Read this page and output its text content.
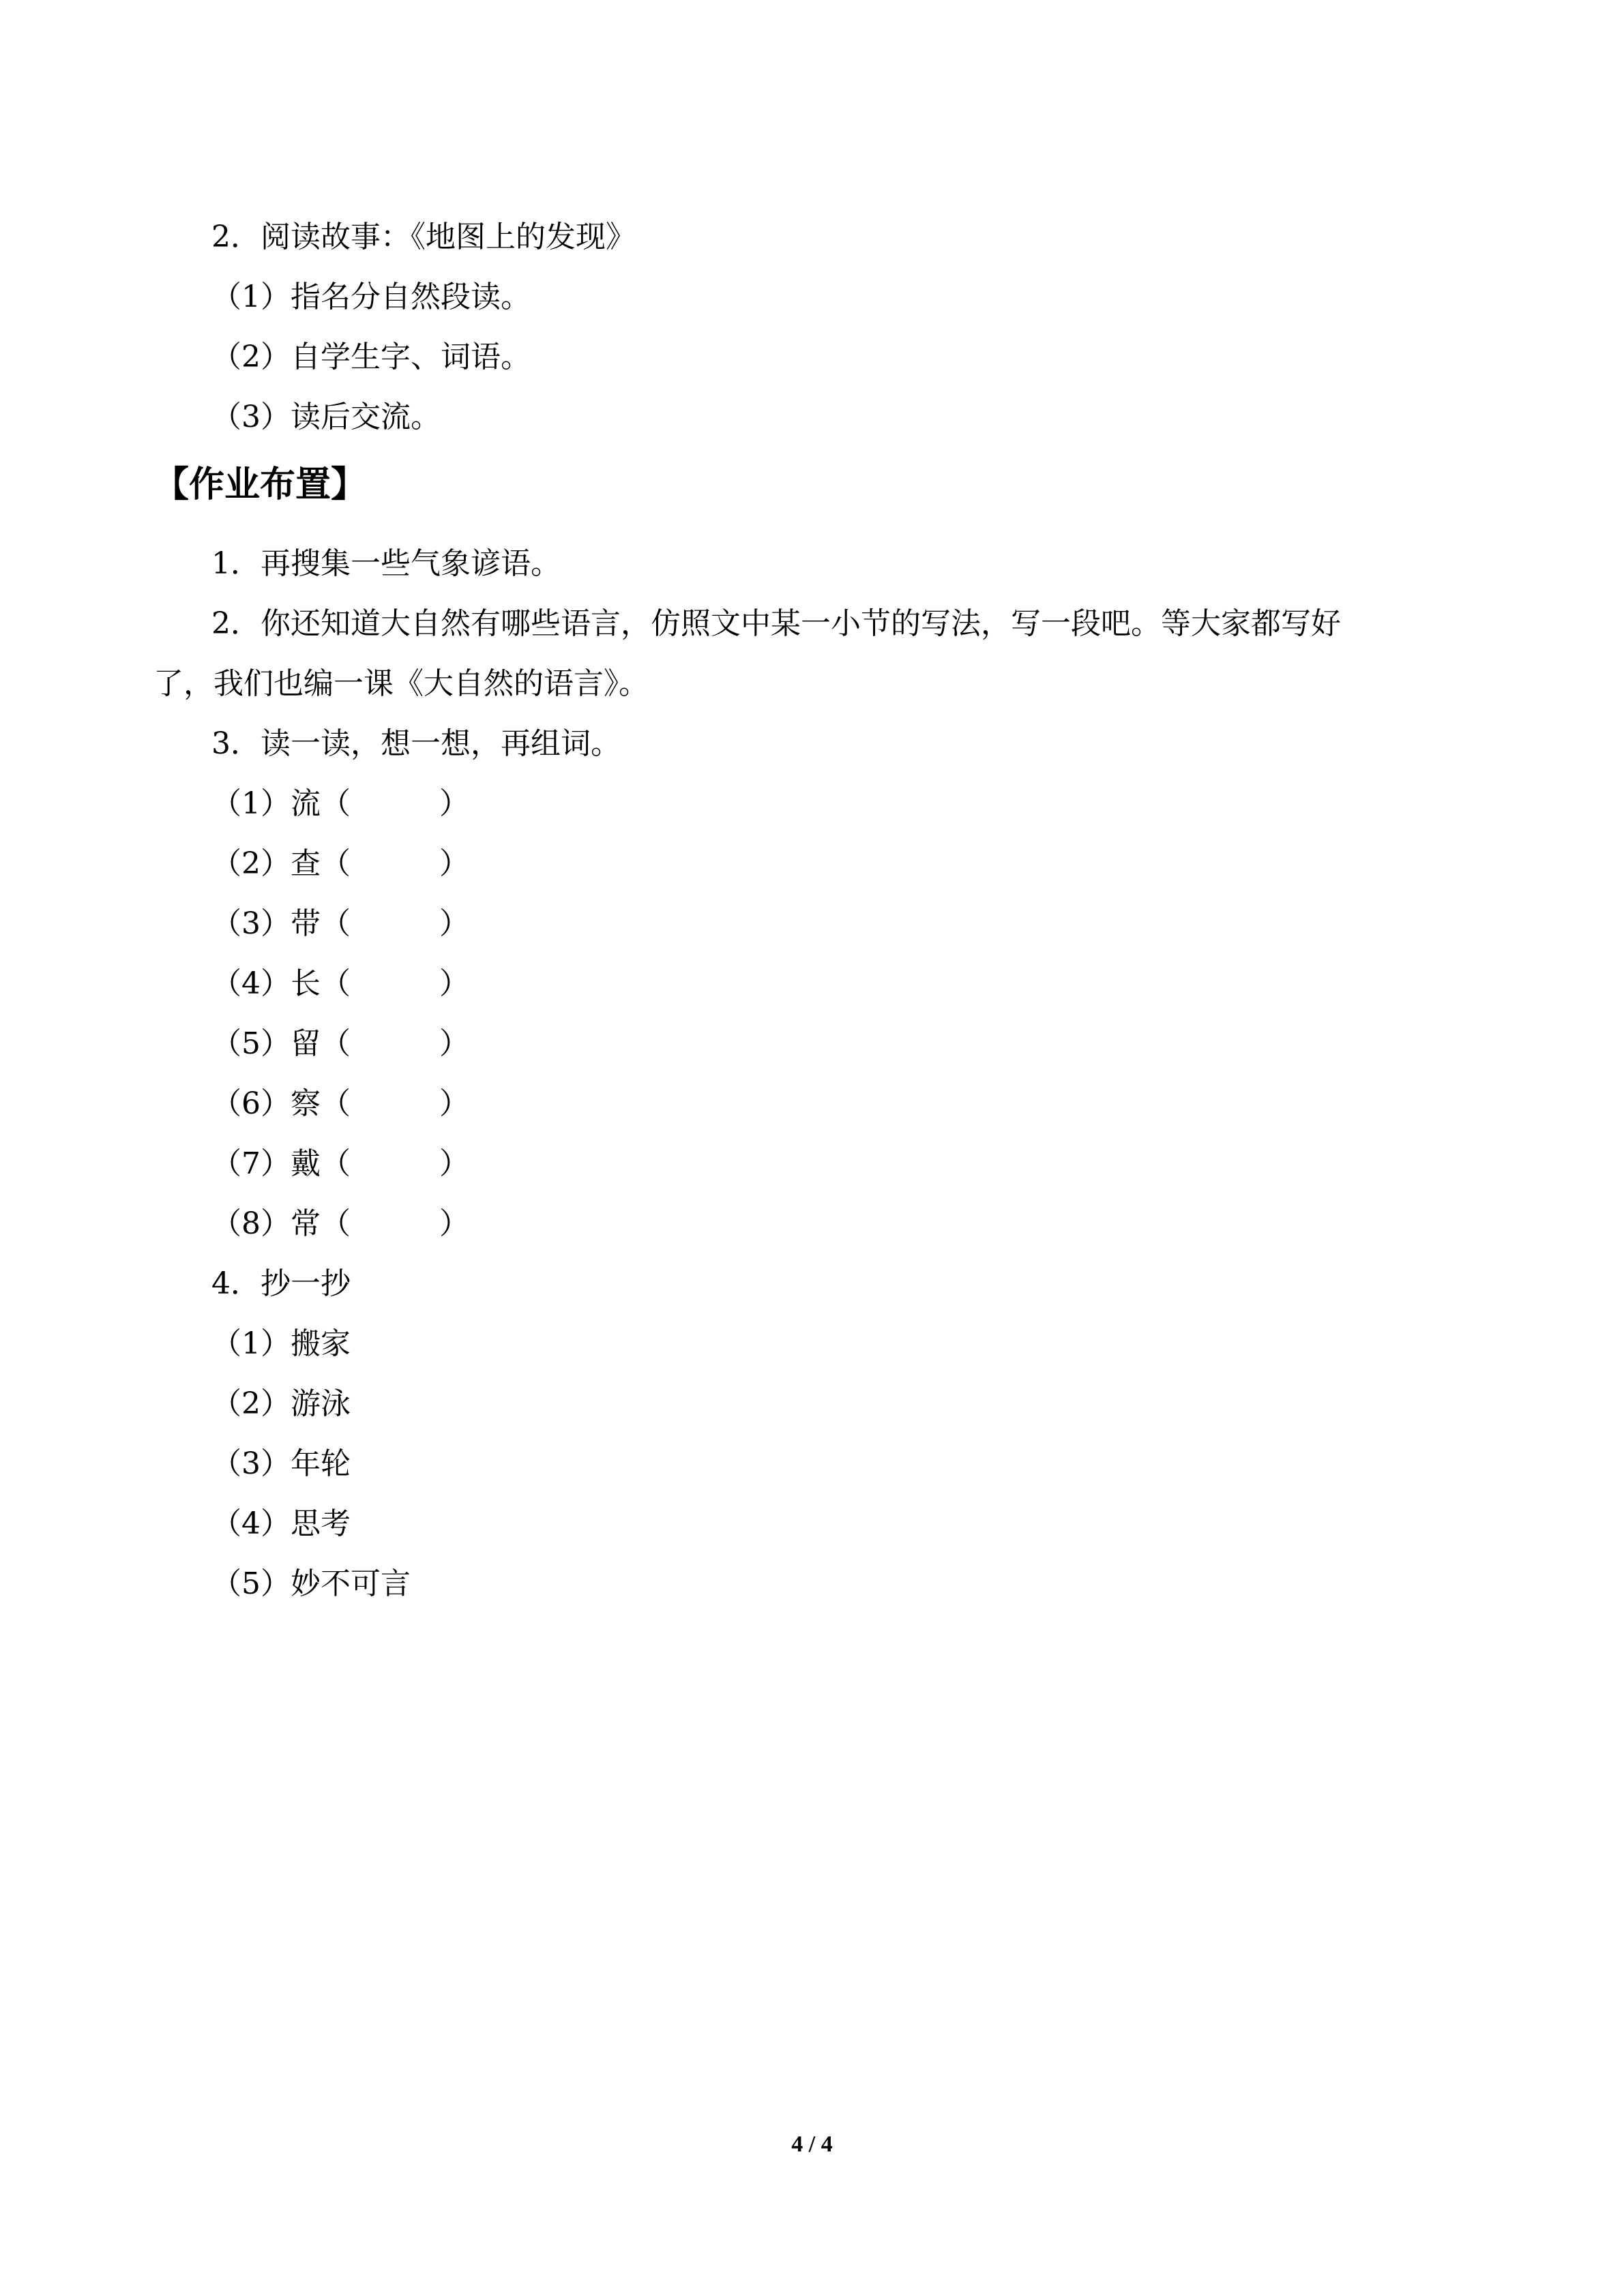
2．阅读故事：《地图上的发现》
（1）指名分自然段读。
（2）自学生字、词语。
（3）读后交流。
【作业布置】
1．再搜集一些气象谚语。
2．你还知道大自然有哪些语言，仿照文中某一小节的写法，写一段吧。等大家都写好
了，我们也编一课《大自然的语言》。
3．读一读，想一想，再组词。
（1）流（	）
（2）查（	）
（3）带（	）
（4）长（	）
（5）留（	）
（6）察（	）
（7）戴（	）
（8）常（	）
4．抄一抄
（1）搬家
（2）游泳
（3）年轮
（4）思考
（5）妙不可言
4 / 4
